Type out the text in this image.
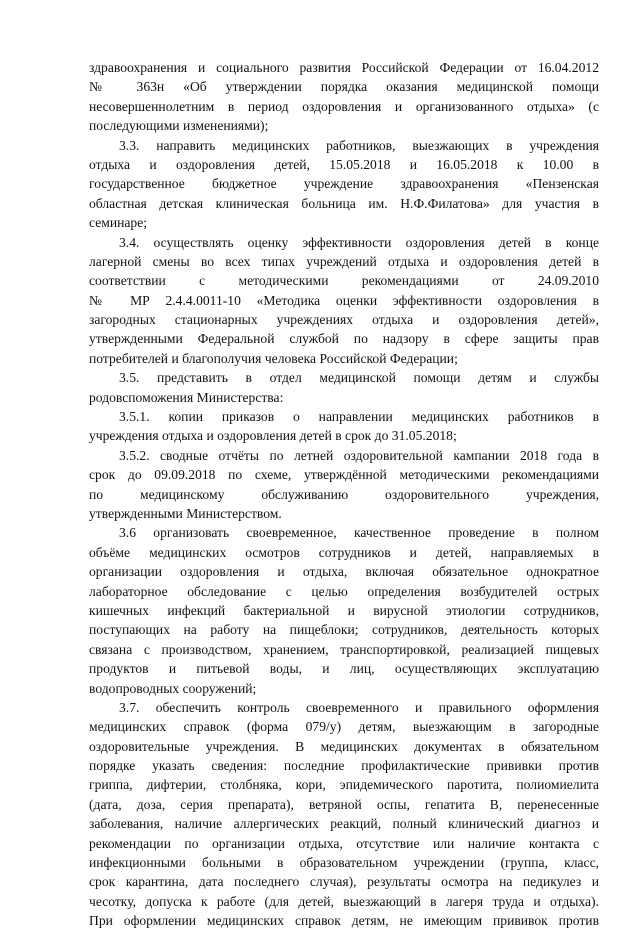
здравоохранения и социального развития Российской Федерации от 16.04.2012
№ 363н «Об утверждении порядка оказания медицинской помощи
несовершеннолетним в период оздоровления и организованного отдыха» (с
последующими изменениями);
3.3. направить медицинских работников, выезжающих в учреждения
отдыха и оздоровления детей, 15.05.2018 и 16.05.2018 к 10.00 в
государственное бюджетное учреждение здравоохранения «Пензенская
областная детская клиническая больница им. Н.Ф.Филатова» для участия в
семинаре;
3.4. осуществлять оценку эффективности оздоровления детей в конце
лагерной смены во всех типах учреждений отдыха и оздоровления детей в
соответствии с методическими рекомендациями от 24.09.2010
№ МР 2.4.4.0011-10 «Методика оценки эффективности оздоровления в
загородных стационарных учреждениях отдыха и оздоровления детей»,
утвержденными Федеральной службой по надзору в сфере защиты прав
потребителей и благополучия человека Российской Федерации;
3.5. представить в отдел медицинской помощи детям и службы
родовспоможения Министерства:
3.5.1. копии приказов о направлении медицинских работников в
учреждения отдыха и оздоровления детей в срок до 31.05.2018;
3.5.2. сводные отчёты по летней оздоровительной кампании 2018 года в
срок до 09.09.2018 по схеме, утверждённой методическими рекомендациями
по медицинскому обслуживанию оздоровительного учреждения,
утвержденными Министерством.
3.6 организовать своевременное, качественное проведение в полном
объёме медицинских осмотров сотрудников и детей, направляемых в
организации оздоровления и отдыха, включая обязательное однократное
лабораторное обследование с целью определения возбудителей острых
кишечных инфекций бактериальной и вирусной этиологии сотрудников,
поступающих на работу на пищеблоки; сотрудников, деятельность которых
связана с производством, хранением, транспортировкой, реализацией пищевых
продуктов и питьевой воды, и лиц, осуществляющих эксплуатацию
водопроводных сооружений;
3.7. обеспечить контроль своевременного и правильного оформления
медицинских справок (форма 079/у) детям, выезжающим в загородные
оздоровительные учреждения. В медицинских документах в обязательном
порядке указать сведения: последние профилактические прививки против
гриппа, дифтерии, столбняка, кори, эпидемического паротита, полиомиелита
(дата, доза, серия препарата), ветряной оспы, гепатита В, перенесенные
заболевания, наличие аллергических реакций, полный клинический диагноз и
рекомендации по организации отдыха, отсутствие или наличие контакта с
инфекционными больными в образовательном учреждении (группа, класс,
срок карантина, дата последнего случая), результаты осмотра на педикулез и
чесотку, допуска к работе (для детей, выезжающий в лагеря труда и отдыха).
При оформлении медицинских справок детям, не имеющим прививок против
